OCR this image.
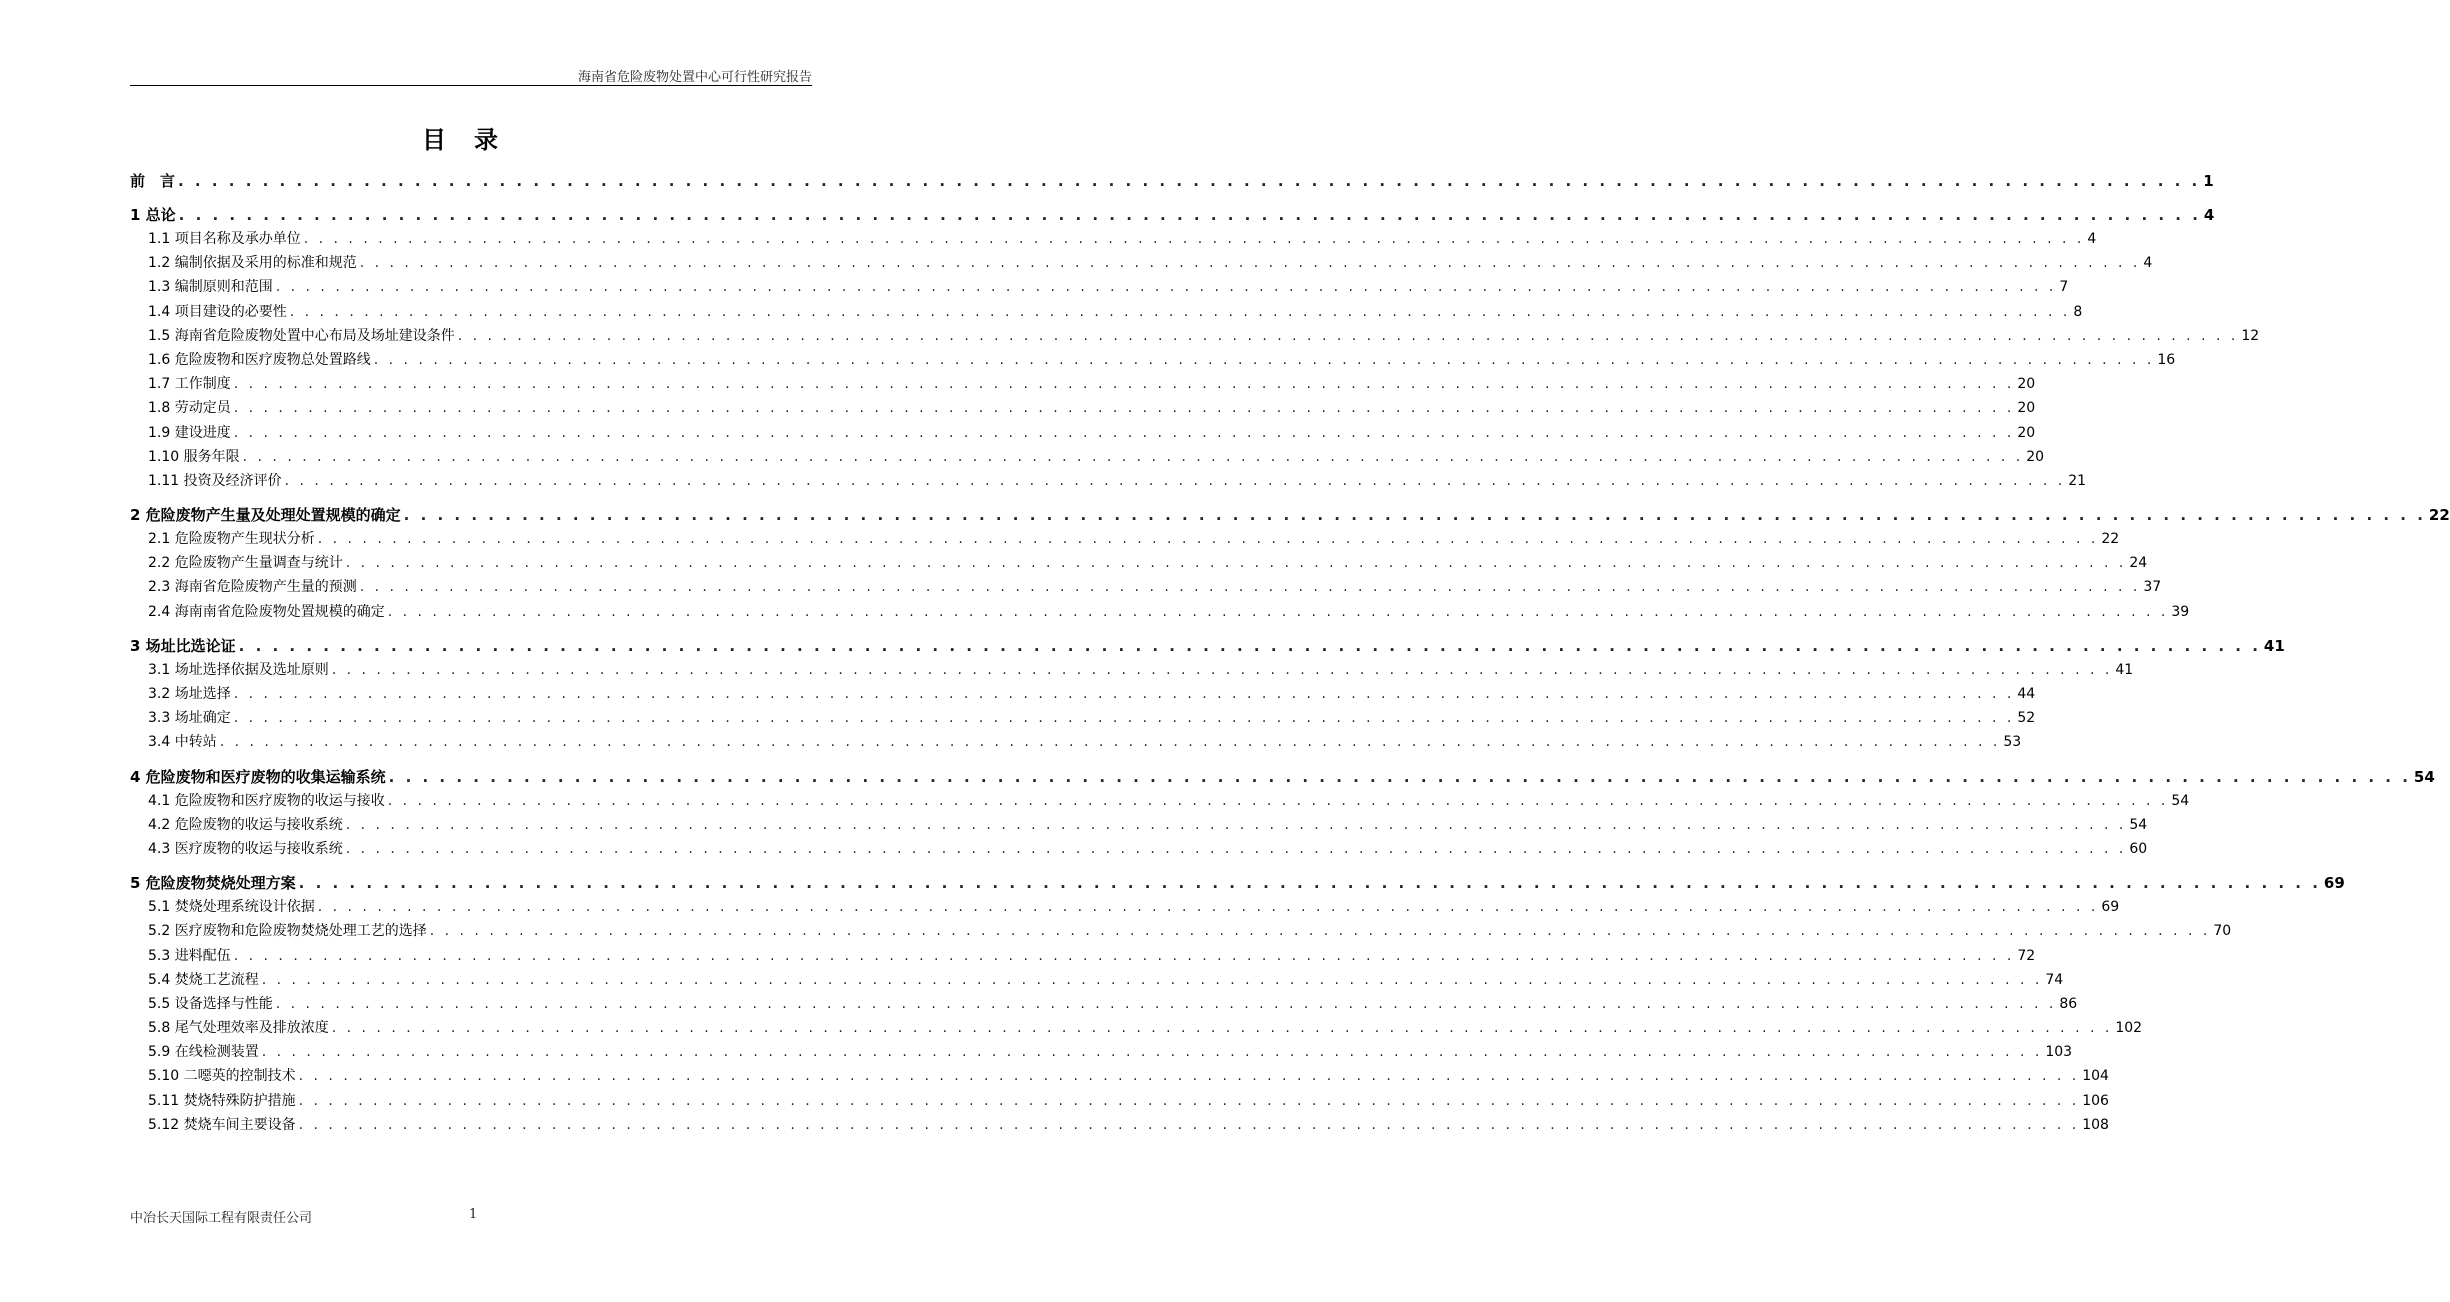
海南省危险废物处置中心可行性研究报告
目录
前　言 . . . . . . . . . . . . . . . . . . . . . . . . . . . . . . . . . . . . . . . . . . . . . . . . . . . . . . . . . . . . . . . . . . . . . . . . . . . . . . . . . . . . . . . . . . . . . . . . . . . . . . . . . . . . . . . . . . . . . . . . 1
1 总论 . . . . . . . . . . . . . . . . . . . . . . . . . . . . . . . . . . . . . . . . . . . . . . . . . . . . . . . . . . . . . . . . . . . . . . . . . . . . . . . . . . . . . . . . . . . . . . . . . . . . . . . . . . . . . . . . . . . . . . . . 4
1.1 项目名称及承办单位 . . . . . . . . . . . . . . . . . . . . . . . . . . . . . . . . . . . . . . . . . . . . . . . . . . . . . . . . . . . . . . . . . . . . . . . . . . . . . . . . . . . . . . . . . . . . . . . . . . . . . . . . . . . . . . . . . . . . . . . . 4
1.2 编制依据及采用的标准和规范 . . . . . . . . . . . . . . . . . . . . . . . . . . . . . . . . . . . . . . . . . . . . . . . . . . . . . . . . . . . . . . . . . . . . . . . . . . . . . . . . . . . . . . . . . . . . . . . . . . . . . . . . . . . . . . . . . . . . . . . . 4
1.3 编制原则和范围 . . . . . . . . . . . . . . . . . . . . . . . . . . . . . . . . . . . . . . . . . . . . . . . . . . . . . . . . . . . . . . . . . . . . . . . . . . . . . . . . . . . . . . . . . . . . . . . . . . . . . . . . . . . . . . . . . . . . . . . . 7
1.4 项目建设的必要性 . . . . . . . . . . . . . . . . . . . . . . . . . . . . . . . . . . . . . . . . . . . . . . . . . . . . . . . . . . . . . . . . . . . . . . . . . . . . . . . . . . . . . . . . . . . . . . . . . . . . . . . . . . . . . . . . . . . . . . . . 8
1.5 海南省危险废物处置中心布局及场址建设条件 . . . . . . . . . . . . . . . . . . . . . . . . . . . . . . . . . . . . . . . . . . . . . . . . . . . . . . . . . . . . . . . . . . . . . . . . . . . . . . . . . . . . . . . . . . . . . . . . . . . . . . . . . . . . . . . . . . . . . . . . 12
1.6 危险废物和医疗废物总处置路线 . . . . . . . . . . . . . . . . . . . . . . . . . . . . . . . . . . . . . . . . . . . . . . . . . . . . . . . . . . . . . . . . . . . . . . . . . . . . . . . . . . . . . . . . . . . . . . . . . . . . . . . . . . . . . . . . . . . . . . . . 16
1.7 工作制度 . . . . . . . . . . . . . . . . . . . . . . . . . . . . . . . . . . . . . . . . . . . . . . . . . . . . . . . . . . . . . . . . . . . . . . . . . . . . . . . . . . . . . . . . . . . . . . . . . . . . . . . . . . . . . . . . . . . . . . . . 20
1.8 劳动定员 . . . . . . . . . . . . . . . . . . . . . . . . . . . . . . . . . . . . . . . . . . . . . . . . . . . . . . . . . . . . . . . . . . . . . . . . . . . . . . . . . . . . . . . . . . . . . . . . . . . . . . . . . . . . . . . . . . . . . . . . 20
1.9 建设进度 . . . . . . . . . . . . . . . . . . . . . . . . . . . . . . . . . . . . . . . . . . . . . . . . . . . . . . . . . . . . . . . . . . . . . . . . . . . . . . . . . . . . . . . . . . . . . . . . . . . . . . . . . . . . . . . . . . . . . . . . 20
1.10 服务年限 . . . . . . . . . . . . . . . . . . . . . . . . . . . . . . . . . . . . . . . . . . . . . . . . . . . . . . . . . . . . . . . . . . . . . . . . . . . . . . . . . . . . . . . . . . . . . . . . . . . . . . . . . . . . . . . . . . . . . . . . 20
1.11 投资及经济评价 . . . . . . . . . . . . . . . . . . . . . . . . . . . . . . . . . . . . . . . . . . . . . . . . . . . . . . . . . . . . . . . . . . . . . . . . . . . . . . . . . . . . . . . . . . . . . . . . . . . . . . . . . . . . . . . . . . . . . . . . 21
2 危险废物产生量及处理处置规模的确定 . . . . . . . . . . . . . . . . . . . . . . . . . . . . . . . . . . . . . . . . . . . . . . . . . . . . . . . . . . . . . . . . . . . . . . . . . . . . . . . . . . . . . . . . . . . . . . . . . . . . . . . . . . . . . . . . . . . . . . . . 22
2.1 危险废物产生现状分析 . . . . . . . . . . . . . . . . . . . . . . . . . . . . . . . . . . . . . . . . . . . . . . . . . . . . . . . . . . . . . . . . . . . . . . . . . . . . . . . . . . . . . . . . . . . . . . . . . . . . . . . . . . . . . . . . . . . . . . . . 22
2.2 危险废物产生量调查与统计 . . . . . . . . . . . . . . . . . . . . . . . . . . . . . . . . . . . . . . . . . . . . . . . . . . . . . . . . . . . . . . . . . . . . . . . . . . . . . . . . . . . . . . . . . . . . . . . . . . . . . . . . . . . . . . . . . . . . . . . . 24
2.3 海南省危险废物产生量的预测 . . . . . . . . . . . . . . . . . . . . . . . . . . . . . . . . . . . . . . . . . . . . . . . . . . . . . . . . . . . . . . . . . . . . . . . . . . . . . . . . . . . . . . . . . . . . . . . . . . . . . . . . . . . . . . . . . . . . . . . . 37
2.4 海南南省危险废物处置规模的确定 . . . . . . . . . . . . . . . . . . . . . . . . . . . . . . . . . . . . . . . . . . . . . . . . . . . . . . . . . . . . . . . . . . . . . . . . . . . . . . . . . . . . . . . . . . . . . . . . . . . . . . . . . . . . . . . . . . . . . . . . 39
3 场址比选论证 . . . . . . . . . . . . . . . . . . . . . . . . . . . . . . . . . . . . . . . . . . . . . . . . . . . . . . . . . . . . . . . . . . . . . . . . . . . . . . . . . . . . . . . . . . . . . . . . . . . . . . . . . . . . . . . . . . . . . . . . 41
3.1 场址选择依据及选址原则 . . . . . . . . . . . . . . . . . . . . . . . . . . . . . . . . . . . . . . . . . . . . . . . . . . . . . . . . . . . . . . . . . . . . . . . . . . . . . . . . . . . . . . . . . . . . . . . . . . . . . . . . . . . . . . . . . . . . . . . . 41
3.2 场址选择 . . . . . . . . . . . . . . . . . . . . . . . . . . . . . . . . . . . . . . . . . . . . . . . . . . . . . . . . . . . . . . . . . . . . . . . . . . . . . . . . . . . . . . . . . . . . . . . . . . . . . . . . . . . . . . . . . . . . . . . . 44
3.3 场址确定 . . . . . . . . . . . . . . . . . . . . . . . . . . . . . . . . . . . . . . . . . . . . . . . . . . . . . . . . . . . . . . . . . . . . . . . . . . . . . . . . . . . . . . . . . . . . . . . . . . . . . . . . . . . . . . . . . . . . . . . . 52
3.4 中转站 . . . . . . . . . . . . . . . . . . . . . . . . . . . . . . . . . . . . . . . . . . . . . . . . . . . . . . . . . . . . . . . . . . . . . . . . . . . . . . . . . . . . . . . . . . . . . . . . . . . . . . . . . . . . . . . . . . . . . . . . 53
4 危险废物和医疗废物的收集运输系统 . . . . . . . . . . . . . . . . . . . . . . . . . . . . . . . . . . . . . . . . . . . . . . . . . . . . . . . . . . . . . . . . . . . . . . . . . . . . . . . . . . . . . . . . . . . . . . . . . . . . . . . . . . . . . . . . . . . . . . . . 54
4.1 危险废物和医疗废物的收运与接收 . . . . . . . . . . . . . . . . . . . . . . . . . . . . . . . . . . . . . . . . . . . . . . . . . . . . . . . . . . . . . . . . . . . . . . . . . . . . . . . . . . . . . . . . . . . . . . . . . . . . . . . . . . . . . . . . . . . . . . . . 54
4.2 危险废物的收运与接收系统 . . . . . . . . . . . . . . . . . . . . . . . . . . . . . . . . . . . . . . . . . . . . . . . . . . . . . . . . . . . . . . . . . . . . . . . . . . . . . . . . . . . . . . . . . . . . . . . . . . . . . . . . . . . . . . . . . . . . . . . . 54
4.3 医疗废物的收运与接收系统 . . . . . . . . . . . . . . . . . . . . . . . . . . . . . . . . . . . . . . . . . . . . . . . . . . . . . . . . . . . . . . . . . . . . . . . . . . . . . . . . . . . . . . . . . . . . . . . . . . . . . . . . . . . . . . . . . . . . . . . . 60
5 危险废物焚烧处理方案 . . . . . . . . . . . . . . . . . . . . . . . . . . . . . . . . . . . . . . . . . . . . . . . . . . . . . . . . . . . . . . . . . . . . . . . . . . . . . . . . . . . . . . . . . . . . . . . . . . . . . . . . . . . . . . . . . . . . . . . . 69
5.1 焚烧处理系统设计依据 . . . . . . . . . . . . . . . . . . . . . . . . . . . . . . . . . . . . . . . . . . . . . . . . . . . . . . . . . . . . . . . . . . . . . . . . . . . . . . . . . . . . . . . . . . . . . . . . . . . . . . . . . . . . . . . . . . . . . . . . 69
5.2 医疗废物和危险废物焚烧处理工艺的选择 . . . . . . . . . . . . . . . . . . . . . . . . . . . . . . . . . . . . . . . . . . . . . . . . . . . . . . . . . . . . . . . . . . . . . . . . . . . . . . . . . . . . . . . . . . . . . . . . . . . . . . . . . . . . . . . . . . . . . . . . 70
5.3 进料配伍 . . . . . . . . . . . . . . . . . . . . . . . . . . . . . . . . . . . . . . . . . . . . . . . . . . . . . . . . . . . . . . . . . . . . . . . . . . . . . . . . . . . . . . . . . . . . . . . . . . . . . . . . . . . . . . . . . . . . . . . . 72
5.4 焚烧工艺流程 . . . . . . . . . . . . . . . . . . . . . . . . . . . . . . . . . . . . . . . . . . . . . . . . . . . . . . . . . . . . . . . . . . . . . . . . . . . . . . . . . . . . . . . . . . . . . . . . . . . . . . . . . . . . . . . . . . . . . . . . 74
5.5 设备选择与性能 . . . . . . . . . . . . . . . . . . . . . . . . . . . . . . . . . . . . . . . . . . . . . . . . . . . . . . . . . . . . . . . . . . . . . . . . . . . . . . . . . . . . . . . . . . . . . . . . . . . . . . . . . . . . . . . . . . . . . . . . 86
5.8 尾气处理效率及排放浓度 . . . . . . . . . . . . . . . . . . . . . . . . . . . . . . . . . . . . . . . . . . . . . . . . . . . . . . . . . . . . . . . . . . . . . . . . . . . . . . . . . . . . . . . . . . . . . . . . . . . . . . . . . . . . . . . . . . . . . . . . 102
5.9 在线检测装置 . . . . . . . . . . . . . . . . . . . . . . . . . . . . . . . . . . . . . . . . . . . . . . . . . . . . . . . . . . . . . . . . . . . . . . . . . . . . . . . . . . . . . . . . . . . . . . . . . . . . . . . . . . . . . . . . . . . . . . . . 103
5.10 二噁英的控制技术 . . . . . . . . . . . . . . . . . . . . . . . . . . . . . . . . . . . . . . . . . . . . . . . . . . . . . . . . . . . . . . . . . . . . . . . . . . . . . . . . . . . . . . . . . . . . . . . . . . . . . . . . . . . . . . . . . . . . . . . . 104
5.11 焚烧特殊防护措施 . . . . . . . . . . . . . . . . . . . . . . . . . . . . . . . . . . . . . . . . . . . . . . . . . . . . . . . . . . . . . . . . . . . . . . . . . . . . . . . . . . . . . . . . . . . . . . . . . . . . . . . . . . . . . . . . . . . . . . . . 106
5.12 焚烧车间主要设备 . . . . . . . . . . . . . . . . . . . . . . . . . . . . . . . . . . . . . . . . . . . . . . . . . . . . . . . . . . . . . . . . . . . . . . . . . . . . . . . . . . . . . . . . . . . . . . . . . . . . . . . . . . . . . . . . . . . . . . . . 108
中冶长天国际工程有限责任公司	1
